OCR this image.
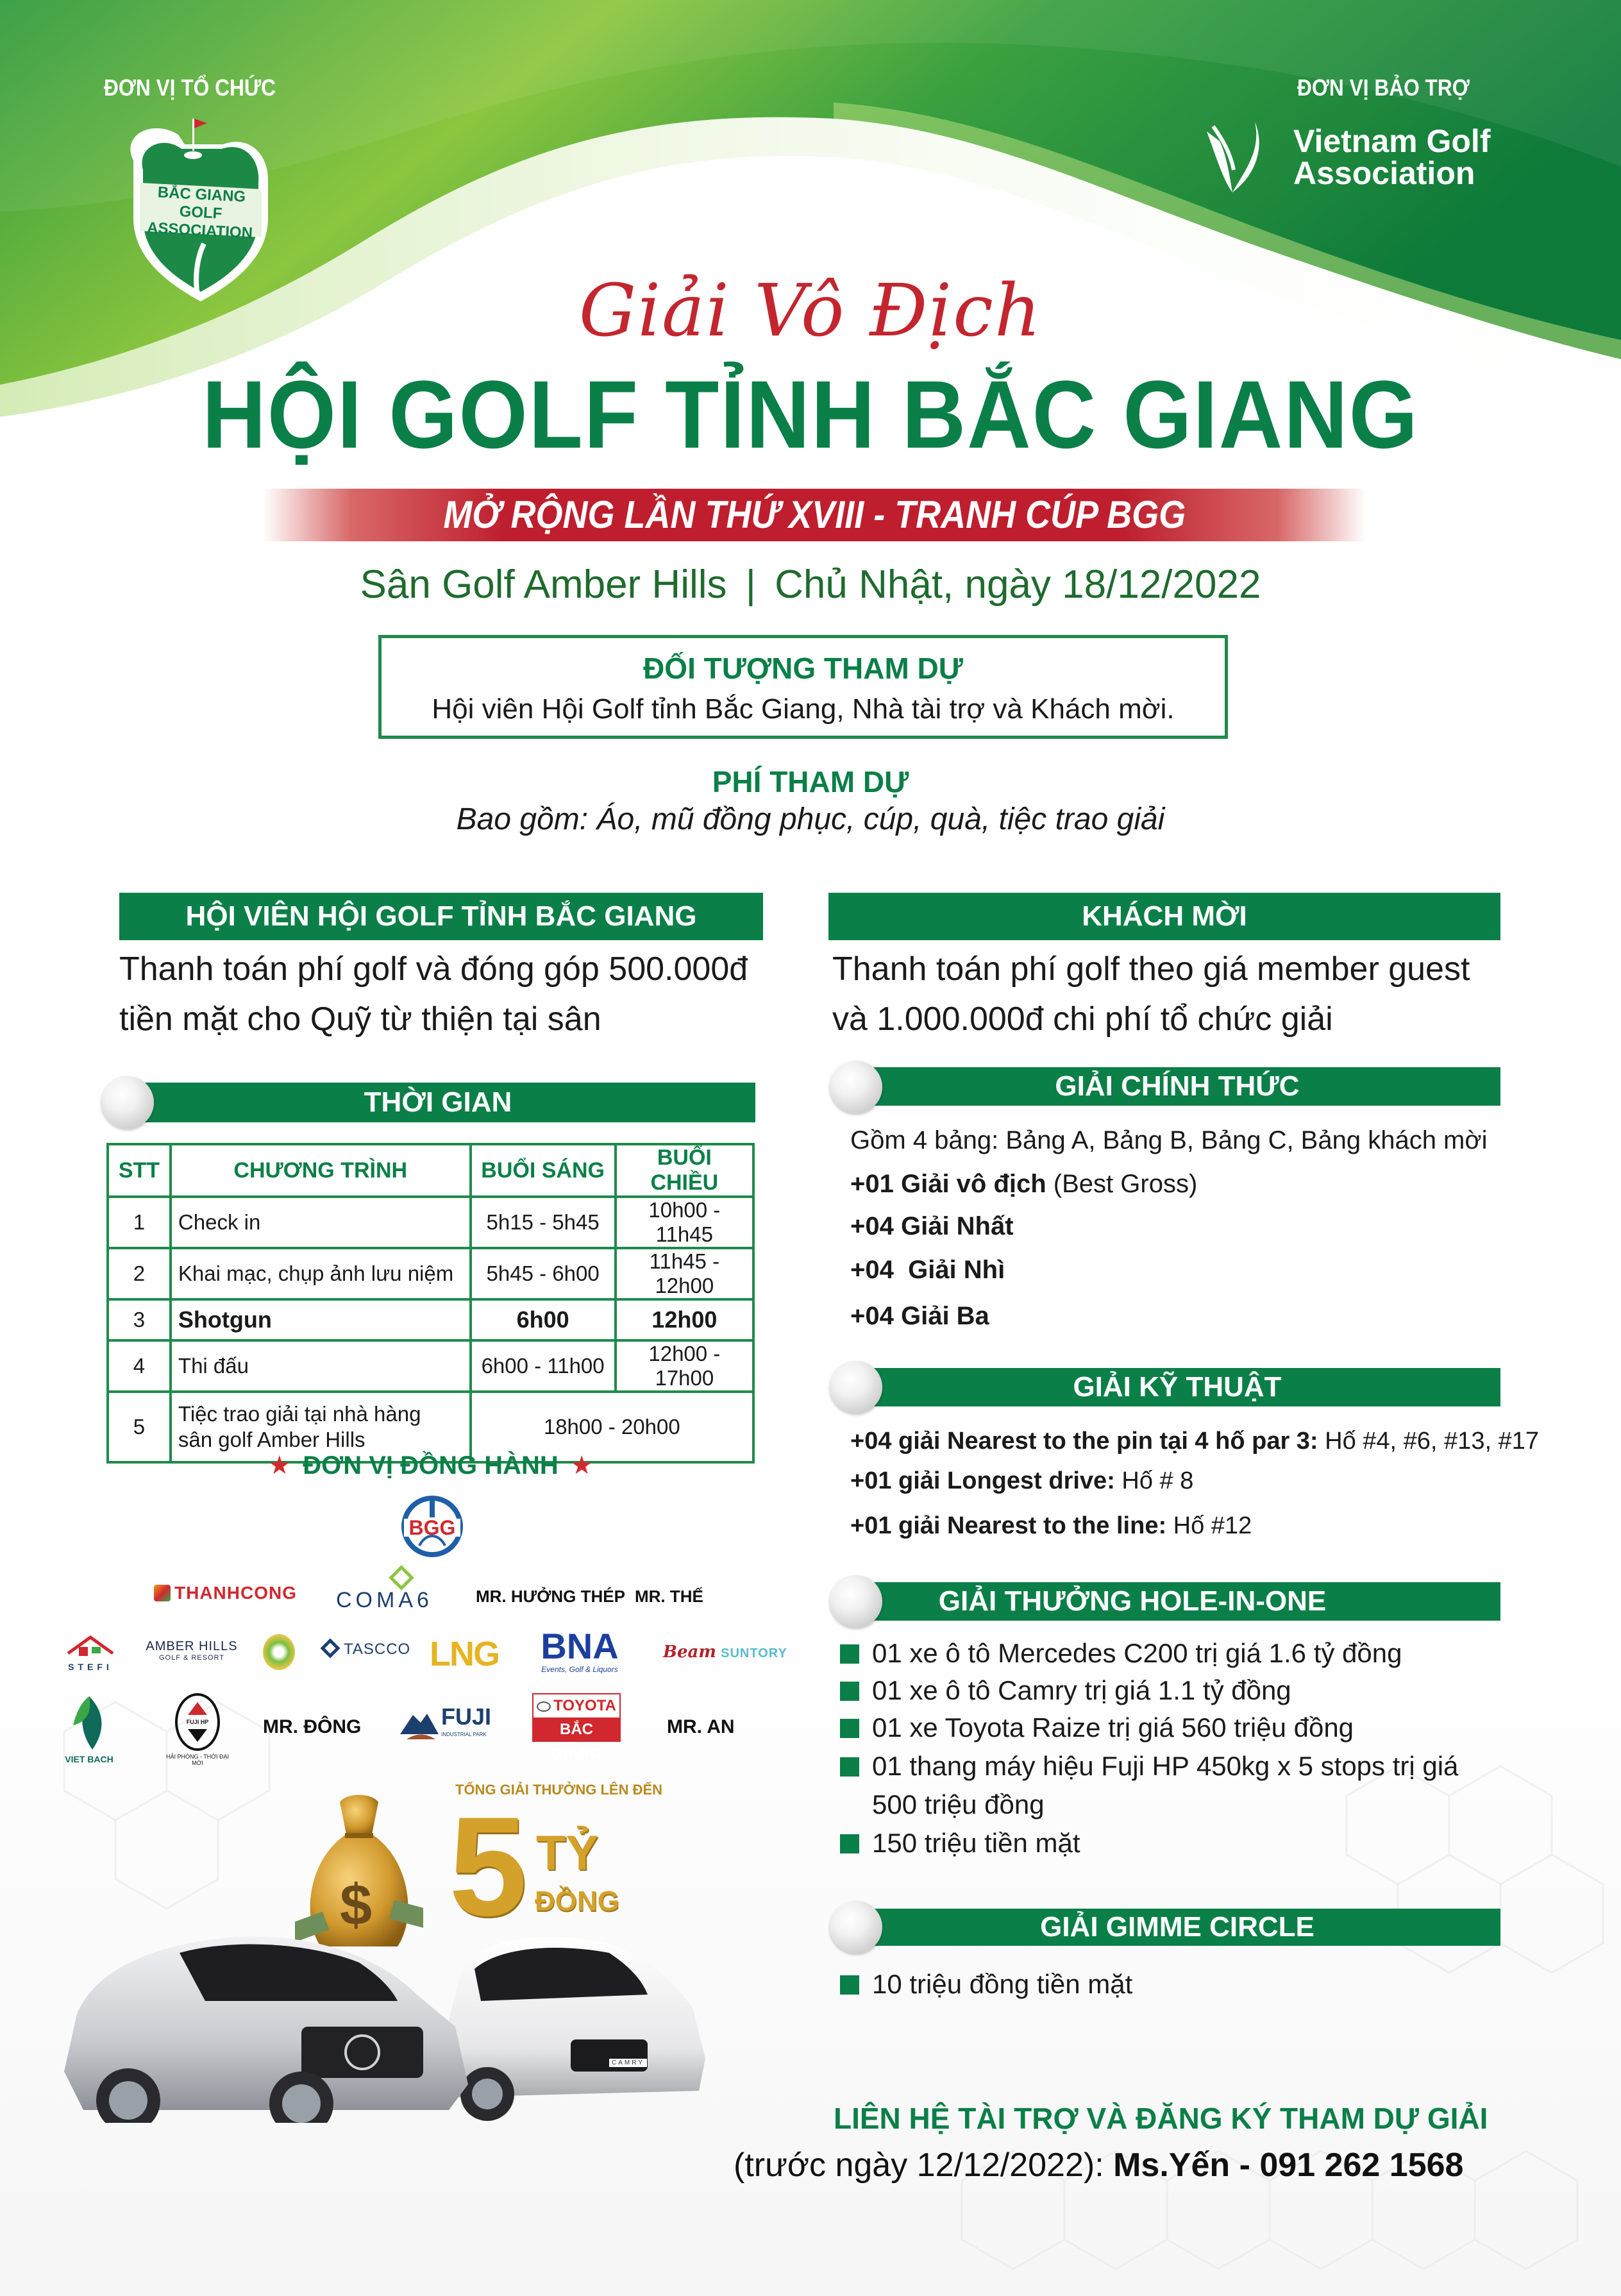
ĐƠN VỊ TỔ CHỨC
BẮC GIANG GOLF
ASSOCIATION
ĐƠN VỊ BẢO TRỢ
Vietnam Golf
Association
Giải Vô Địch
HỘI GOLF TỈNH BẮC GIANG
MỞ RỘNG LẦN THỨ XVIII - TRANH CÚP BGG
Sân Golf Amber Hills | Chủ Nhật, ngày 18/12/2022
ĐỐI TƯỢNG THAM DỰ
Hội viên Hội Golf tỉnh Bắc Giang, Nhà tài trợ và Khách mời.
PHÍ THAM DỰ
Bao gồm: Áo, mũ đồng phục, cúp, quà, tiệc trao giải
HỘI VIÊN HỘI GOLF TỈNH BẮC GIANG
Thanh toán phí golf và đóng góp 500.000đ
tiền mặt cho Quỹ từ thiện tại sân
KHÁCH MỜI
Thanh toán phí golf theo giá member guest
và 1.000.000đ chi phí tổ chức giải
THỜI GIAN
STT	CHƯƠNG TRÌNH	BUỔI SÁNG	BUỔI CHIỀU
1	Check in	5h15 - 5h45	10h00 - 11h45
2	Khai mạc, chụp ảnh lưu niệm	5h45 - 6h00	11h45 - 12h00
3	Shotgun	6h00	12h00
4	Thi đấu	6h00 - 11h00	12h00 - 17h00
5	Tiệc trao giải tại nhà hàng
sân golf Amber Hills	18h00 - 20h00	
★ ĐƠN VỊ ĐỒNG HÀNH ★
BGG
THANHCONG COMA6	MR. HƯỞNG THÉP MR. THẾ
STEFI
AMBER HILLS
GOLF & RESORT	TASCCO LNG BNA
Events, Golf & Liquors
Beam SUNTORY
VIET BACH
FUJI HP
HẢI PHÒNG - THỜI ĐẠI MỚI
MR. ĐÔNG	FUJI
INDUSTRIAL PARK
TOYOTA
BẮC GIANG
MR. AN
TỔNG GIẢI THƯỞNG LÊN ĐẾN
5 TỶ
ĐỒNG
$
CAMRY
GIẢI CHÍNH THỨC
Gồm 4 bảng: Bảng A, Bảng B, Bảng C, Bảng khách mời
+01 Giải vô địch (Best Gross)
+04 Giải Nhất
+04  Giải Nhì
+04 Giải Ba
GIẢI KỸ THUẬT
+04 giải Nearest to the pin tại 4 hố par 3: Hố #4, #6, #13, #17
+01 giải Longest drive: Hố # 8
+01 giải Nearest to the line: Hố #12
GIẢI THƯỞNG HOLE-IN-ONE
01 xe ô tô Mercedes C200 trị giá 1.6 tỷ đồng
01 xe ô tô Camry trị giá 1.1 tỷ đồng
01 xe Toyota Raize trị giá 560 triệu đồng
01 thang máy hiệu Fuji HP 450kg x 5 stops trị giá
500 triệu đồng
150 triệu tiền mặt
GIẢI GIMME CIRCLE
10 triệu đồng tiền mặt
LIÊN HỆ TÀI TRỢ VÀ ĐĂNG KÝ THAM DỰ GIẢI
(trước ngày 12/12/2022): Ms.Yến - 091 262 1568
